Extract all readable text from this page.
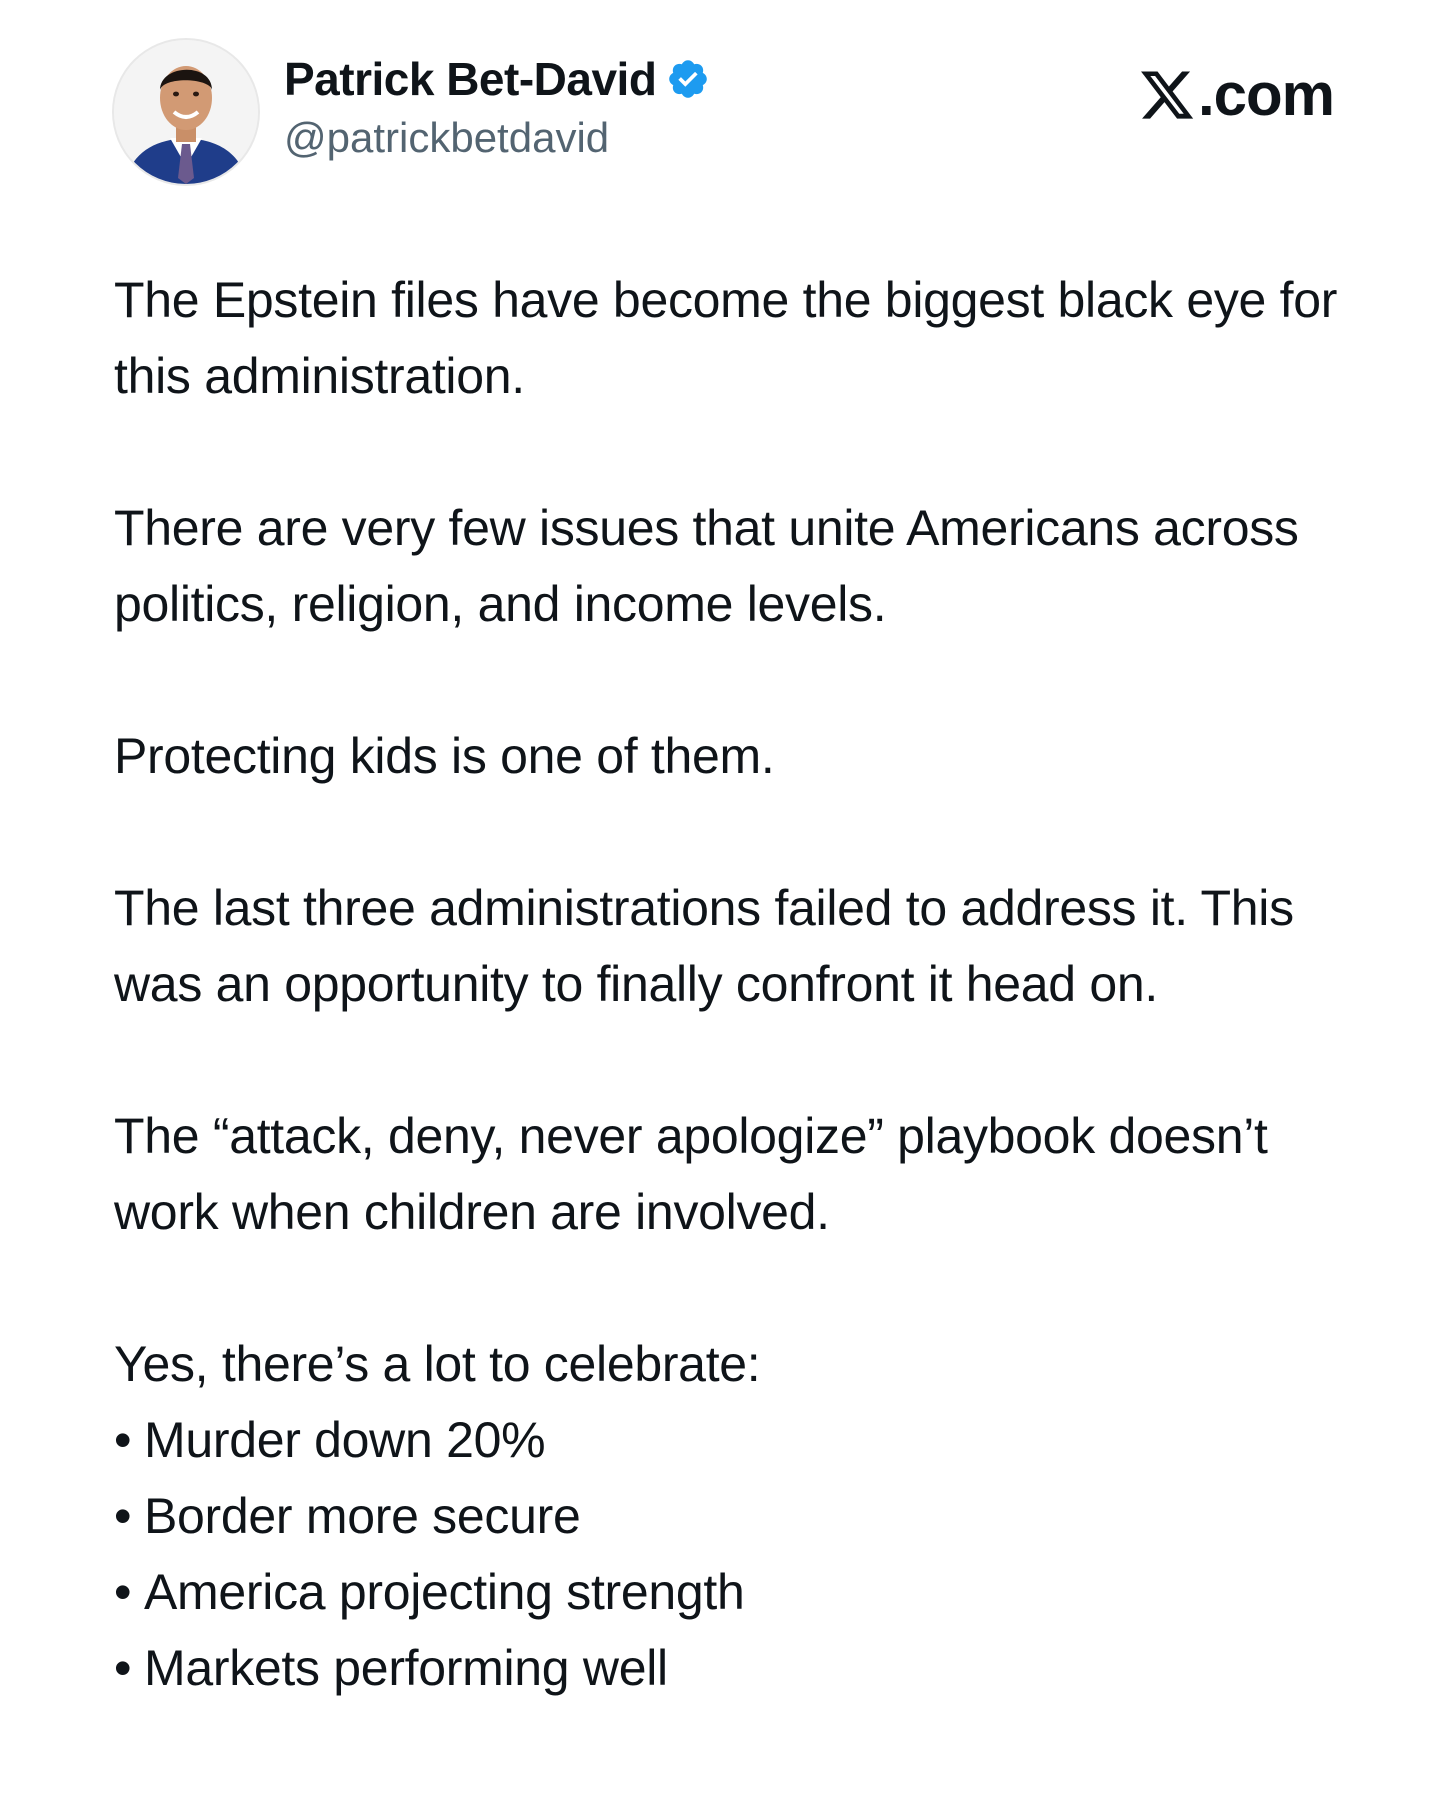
Patrick Bet-David
@patrickbetdavid
.com

The Epstein files have become the biggest black eye for this administration.

There are very few issues that unite Americans across politics, religion, and income levels.

Protecting kids is one of them.

The last three administrations failed to address it. This was an opportunity to finally confront it head on.

The “attack, deny, never apologize” playbook doesn’t work when children are involved.

Yes, there’s a lot to celebrate:

• Murder down 20%
• Border more secure
• America projecting strength
• Markets performing well
